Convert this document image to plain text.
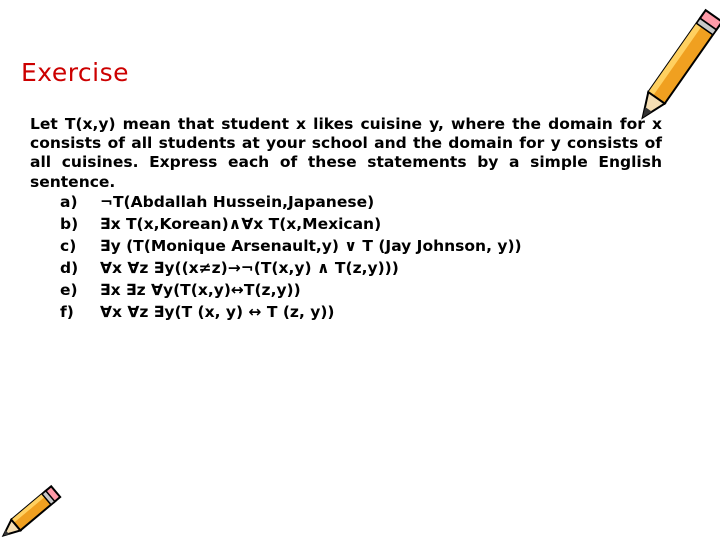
Exercise
Let T(x,y) mean that student x likes cuisine y, where the domain for x consists of all students at your school and the domain for y consists of all cuisines. Express each of these statements by a simple English sentence.
a) ¬T(Abdallah Hussein,Japanese)
b) ∃x T(x,Korean)∧∀x T(x,Mexican)
c) ∃y (T(Monique Arsenault,y) ∨ T (Jay Johnson, y))
d) ∀x ∀z ∃y((x≠z)→¬(T(x,y) ∧ T(z,y)))
e) ∃x ∃z ∀y(T(x,y)↔T(z,y))
f) ∀x ∀z ∃y(T (x, y) ↔ T (z, y))
